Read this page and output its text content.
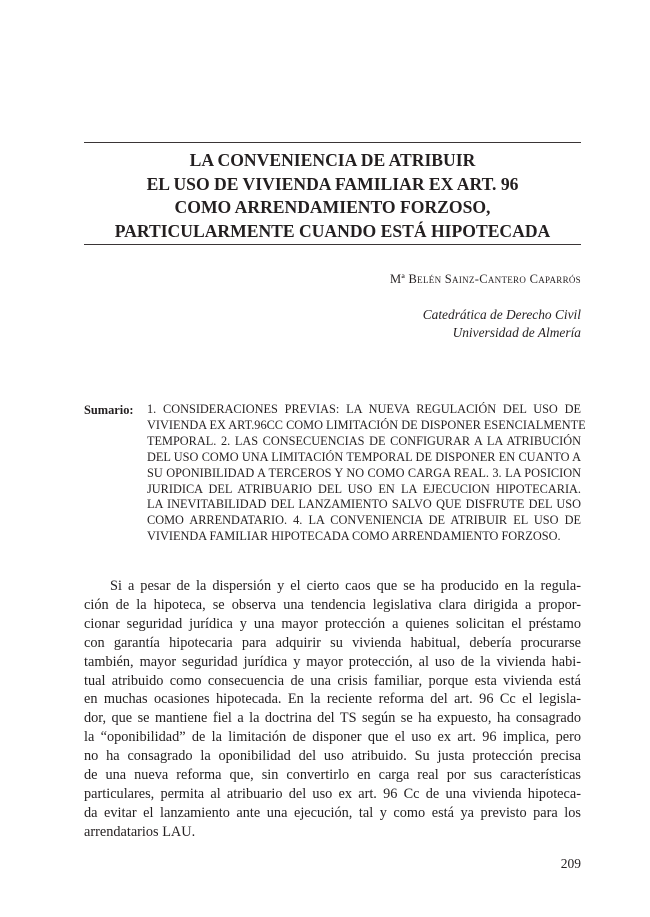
LA CONVENIENCIA DE ATRIBUIR
EL USO DE VIVIENDA FAMILIAR EX ART. 96
COMO ARRENDAMIENTO FORZOSO,
PARTICULARMENTE CUANDO ESTÁ HIPOTECADA

Mª Belén Sainz-Cantero Caparrós

Catedrática de Derecho Civil
Universidad de Almería

Sumario: 1. CONSIDERACIONES PREVIAS: LA NUEVA REGULACIÓN DEL USO DE
VIVIENDA EX ART.96CC COMO LIMITACIÓN DE DISPONER ESENCIALMENTE
TEMPORAL. 2. LAS CONSECUENCIAS DE CONFIGURAR A LA ATRIBUCIÓN
DEL USO COMO UNA LIMITACIÓN TEMPORAL DE DISPONER EN CUANTO A
SU OPONIBILIDAD A TERCEROS Y NO COMO CARGA REAL. 3. LA POSICION
JURIDICA DEL ATRIBUARIO DEL USO EN LA EJECUCION HIPOTECARIA.
LA INEVITABILIDAD DEL LANZAMIENTO SALVO QUE DISFRUTE DEL USO
COMO ARRENDATARIO. 4. LA CONVENIENCIA DE ATRIBUIR EL USO DE
VIVIENDA FAMILIAR HIPOTECADA COMO ARRENDAMIENTO FORZOSO.
Si a pesar de la dispersión y el cierto caos que se ha producido en la regula-
ción de la hipoteca, se observa una tendencia legislativa clara dirigida a propor-
cionar seguridad jurídica y una mayor protección a quienes solicitan el préstamo
con garantía hipotecaria para adquirir su vivienda habitual, debería procurarse
también, mayor seguridad jurídica y mayor protección, al uso de la vivienda habi-
tual atribuido como consecuencia de una crisis familiar, porque esta vivienda está
en muchas ocasiones hipotecada. En la reciente reforma del art. 96 Cc el legisla-
dor, que se mantiene fiel a la doctrina del TS según se ha expuesto, ha consagrado
la “oponibilidad” de la limitación de disponer que el uso ex art. 96 implica, pero
no ha consagrado la oponibilidad del uso atribuido. Su justa protección precisa
de una nueva reforma que, sin convertirlo en carga real por sus características
particulares, permita al atribuario del uso ex art. 96 Cc de una vivienda hipoteca-
da evitar el lanzamiento ante una ejecución, tal y como está ya previsto para los
arrendatarios LAU.

209
